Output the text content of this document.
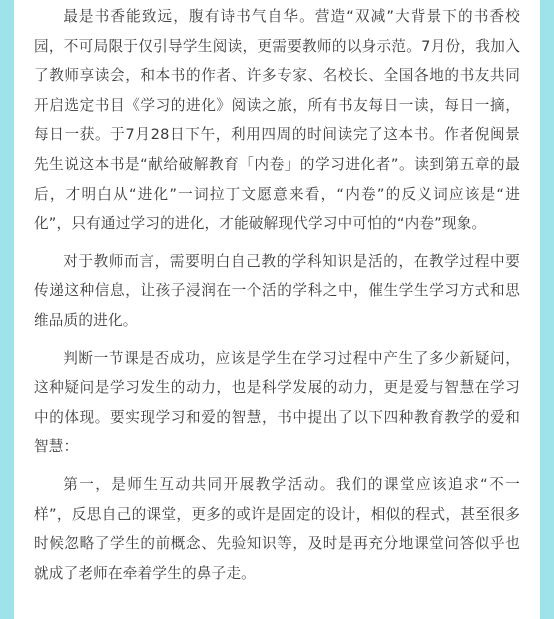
最是书香能致远，腹有诗书气自华。营造“双减”大背景下的书香校园，不可局限于仅引导学生阅读，更需要教师的以身示范。7月份，我加入了教师享读会，和本书的作者、许多专家、名校长、全国各地的书友共同开启选定书目《学习的进化》阅读之旅，所有书友每日一读，每日一摘，每日一获。于7月28日下午，利用四周的时间读完了这本书。作者倪闽景先生说这本书是“献给破解教育「内卷」的学习进化者”。读到第五章的最后，才明白从“进化”一词拉丁文愿意来看，“内卷”的反义词应该是“进化”，只有通过学习的进化，才能破解现代学习中可怕的“内卷”现象。

对于教师而言，需要明白自己教的学科知识是活的，在教学过程中要传递这种信息，让孩子浸润在一个活的学科之中，催生学生学习方式和思维品质的进化。

判断一节课是否成功，应该是学生在学习过程中产生了多少新疑问，这种疑问是学习发生的动力，也是科学发展的动力，更是爱与智慧在学习中的体现。要实现学习和爱的智慧，书中提出了以下四种教育教学的爱和智慧：

第一，是师生互动共同开展教学活动。我们的课堂应该追求“不一样”，反思自己的课堂，更多的或许是固定的设计，相似的程式，甚至很多时候忽略了学生的前概念、先验知识等，及时是再充分地课堂问答似乎也就成了老师在牵着学生的鼻子走。
